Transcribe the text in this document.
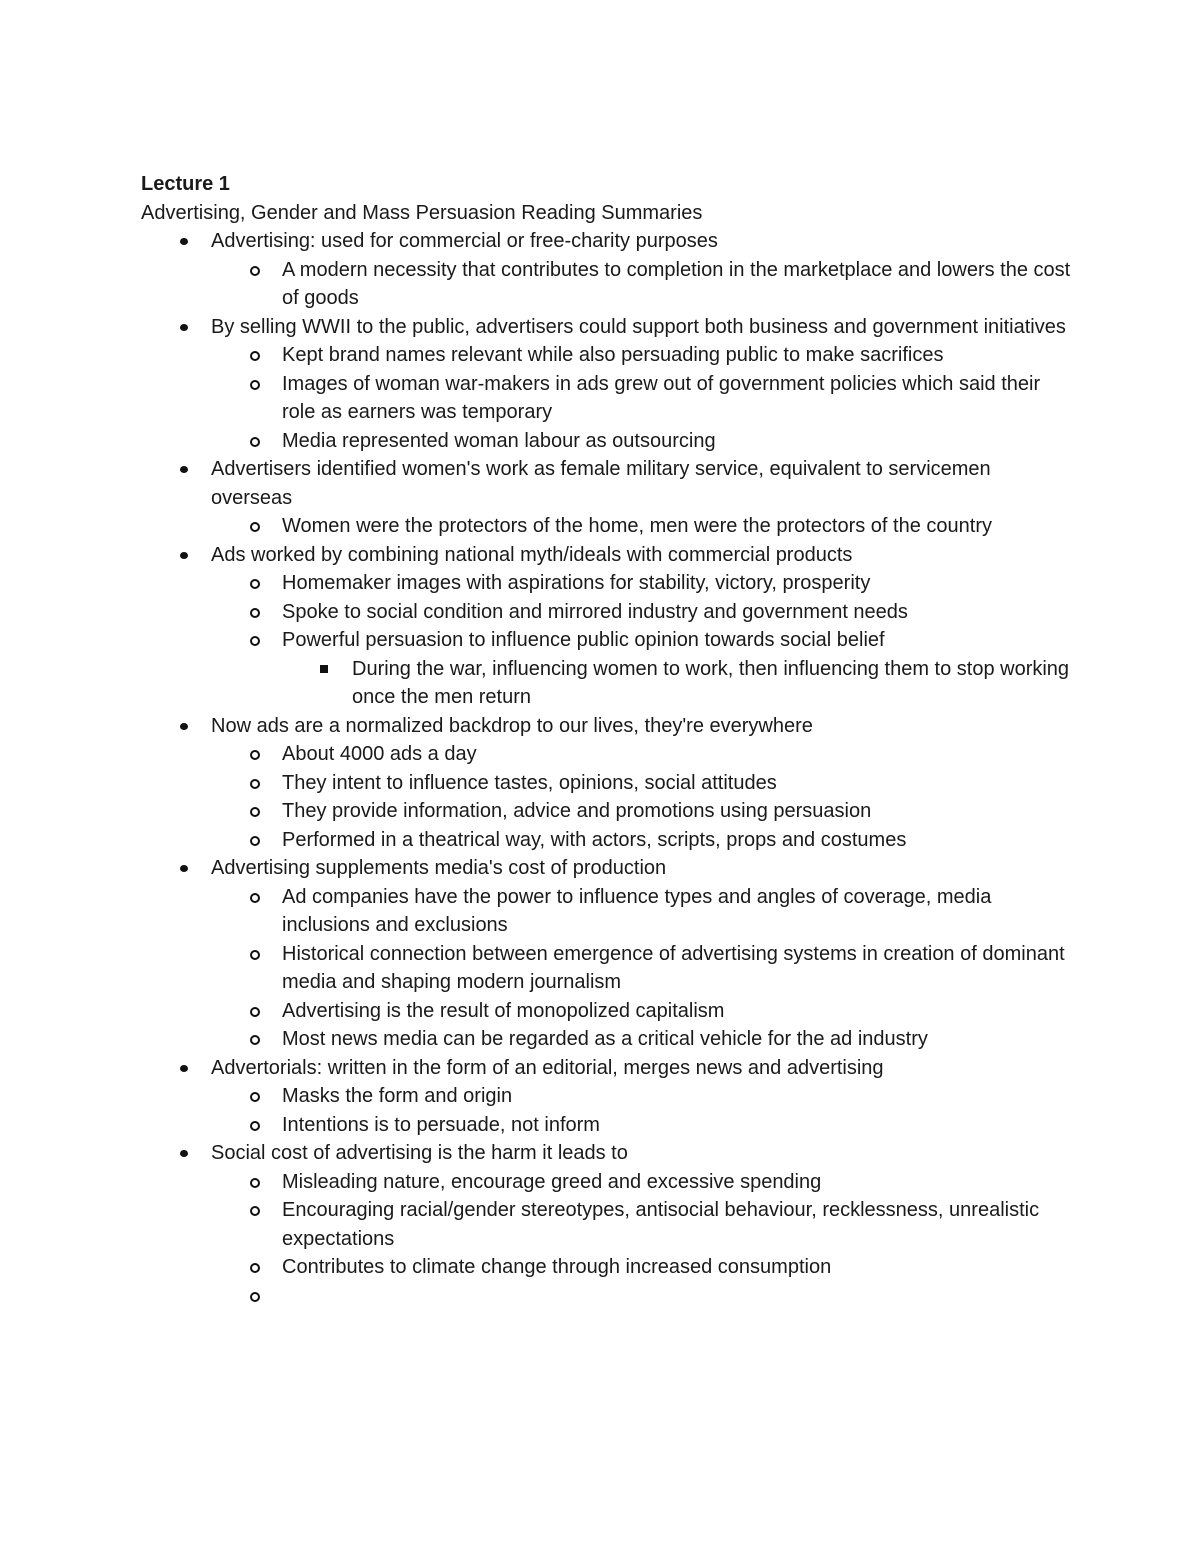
Lecture 1

Advertising, Gender and Mass Persuasion Reading Summaries

Advertising: used for commercial or free-charity purposes
A modern necessity that contributes to completion in the marketplace and lowers the cost of goods
By selling WWII to the public, advertisers could support both business and government initiatives
Kept brand names relevant while also persuading public to make sacrifices
Images of woman war-makers in ads grew out of government policies which said their role as earners was temporary
Media represented woman labour as outsourcing
Advertisers identified women's work as female military service, equivalent to servicemen overseas
Women were the protectors of the home, men were the protectors of the country
Ads worked by combining national myth/ideals with commercial products
Homemaker images with aspirations for stability, victory, prosperity
Spoke to social condition and mirrored industry and government needs
Powerful persuasion to influence public opinion towards social belief
During the war, influencing women to work, then influencing them to stop working once the men return
Now ads are a normalized backdrop to our lives, they're everywhere
About 4000 ads a day
They intent to influence tastes, opinions, social attitudes
They provide information, advice and promotions using persuasion
Performed in a theatrical way, with actors, scripts, props and costumes
Advertising supplements media's cost of production
Ad companies have the power to influence types and angles of coverage, media inclusions and exclusions
Historical connection between emergence of advertising systems in creation of dominant media and shaping modern journalism
Advertising is the result of monopolized capitalism
Most news media can be regarded as a critical vehicle for the ad industry
Advertorials: written in the form of an editorial, merges news and advertising
Masks the form and origin
Intentions is to persuade, not inform
Social cost of advertising is the harm it leads to
Misleading nature, encourage greed and excessive spending
Encouraging racial/gender stereotypes, antisocial behaviour, recklessness, unrealistic expectations
Contributes to climate change through increased consumption
